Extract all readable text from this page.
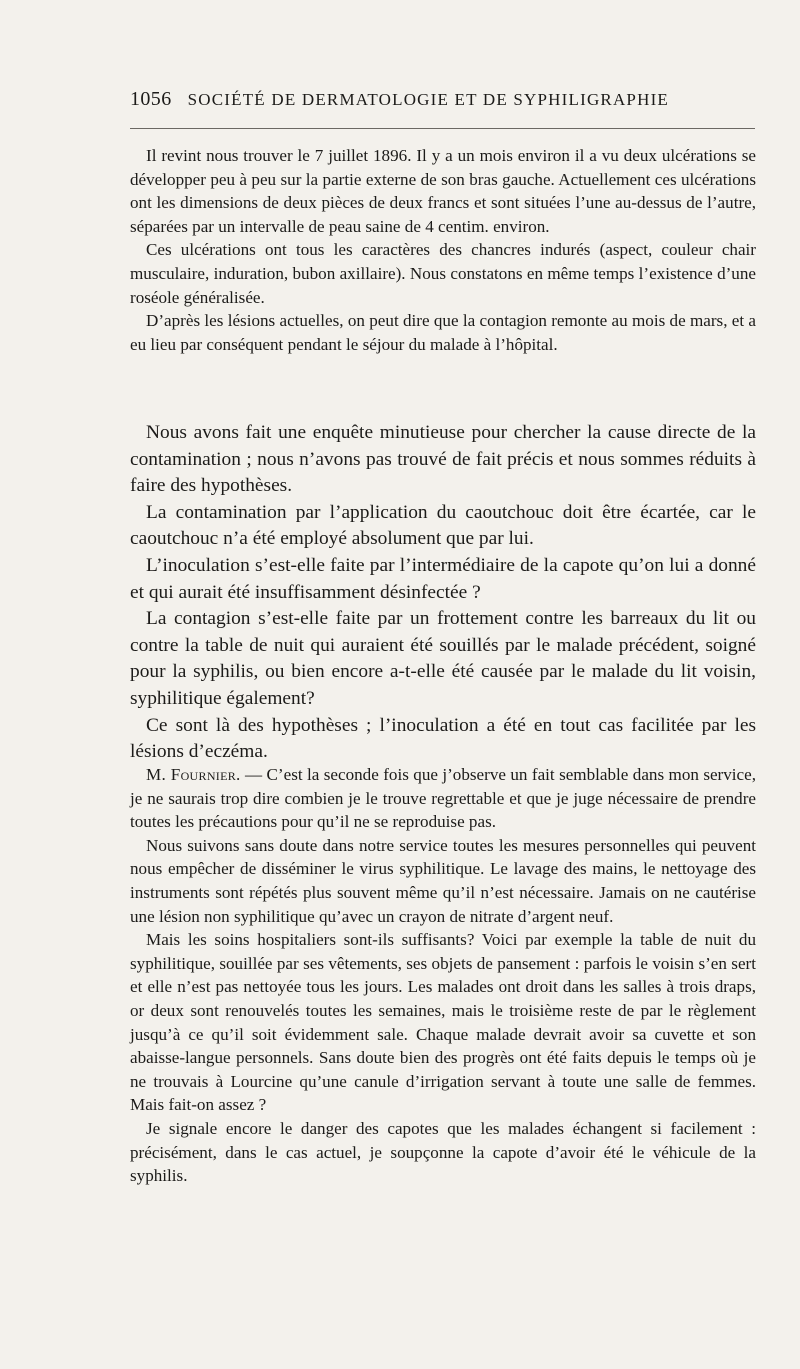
1056 SOCIÉTÉ DE DERMATOLOGIE ET DE SYPHILIGRAPHIE

Il revint nous trouver le 7 juillet 1896. Il y a un mois environ il a vu deux ulcérations se développer peu à peu sur la partie externe de son bras gauche. Actuellement ces ulcérations ont les dimensions de deux pièces de deux francs et sont situées l’une au-dessus de l’autre, séparées par un intervalle de peau saine de 4 centim. environ.

Ces ulcérations ont tous les caractères des chancres indurés (aspect, couleur chair musculaire, induration, bubon axillaire). Nous constatons en même temps l’existence d’une roséole généralisée.

D’après les lésions actuelles, on peut dire que la contagion remonte au mois de mars, et a eu lieu par conséquent pendant le séjour du malade à l’hôpital.

Nous avons fait une enquête minutieuse pour chercher la cause directe de la contamination ; nous n’avons pas trouvé de fait précis et nous sommes réduits à faire des hypothèses.

La contamination par l’application du caoutchouc doit être écartée, car le caoutchouc n’a été employé absolument que par lui.

L’inoculation s’est-elle faite par l’intermédiaire de la capote qu’on lui a donné et qui aurait été insuffisamment désinfectée ?

La contagion s’est-elle faite par un frottement contre les barreaux du lit ou contre la table de nuit qui auraient été souillés par le malade précédent, soigné pour la syphilis, ou bien encore a-t-elle été causée par le malade du lit voisin, syphilitique également?

Ce sont là des hypothèses ; l’inoculation a été en tout cas facilitée par les lésions d’eczéma.

M. Fournier. — C’est la seconde fois que j’observe un fait semblable dans mon service, je ne saurais trop dire combien je le trouve regrettable et que je juge nécessaire de prendre toutes les précautions pour qu’il ne se reproduise pas.

Nous suivons sans doute dans notre service toutes les mesures personnelles qui peuvent nous empêcher de disséminer le virus syphilitique. Le lavage des mains, le nettoyage des instruments sont répétés plus souvent même qu’il n’est nécessaire. Jamais on ne cautérise une lésion non syphilitique qu’avec un crayon de nitrate d’argent neuf.

Mais les soins hospitaliers sont-ils suffisants? Voici par exemple la table de nuit du syphilitique, souillée par ses vêtements, ses objets de pansement : parfois le voisin s’en sert et elle n’est pas nettoyée tous les jours. Les malades ont droit dans les salles à trois draps, or deux sont renouvelés toutes les semaines, mais le troisième reste de par le règlement jusqu’à ce qu’il soit évidemment sale. Chaque malade devrait avoir sa cuvette et son abaisse-langue personnels. Sans doute bien des progrès ont été faits depuis le temps où je ne trouvais à Lourcine qu’une canule d’irrigation servant à toute une salle de femmes. Mais fait-on assez ?

Je signale encore le danger des capotes que les malades échangent si facilement : précisément, dans le cas actuel, je soupçonne la capote d’avoir été le véhicule de la syphilis.
